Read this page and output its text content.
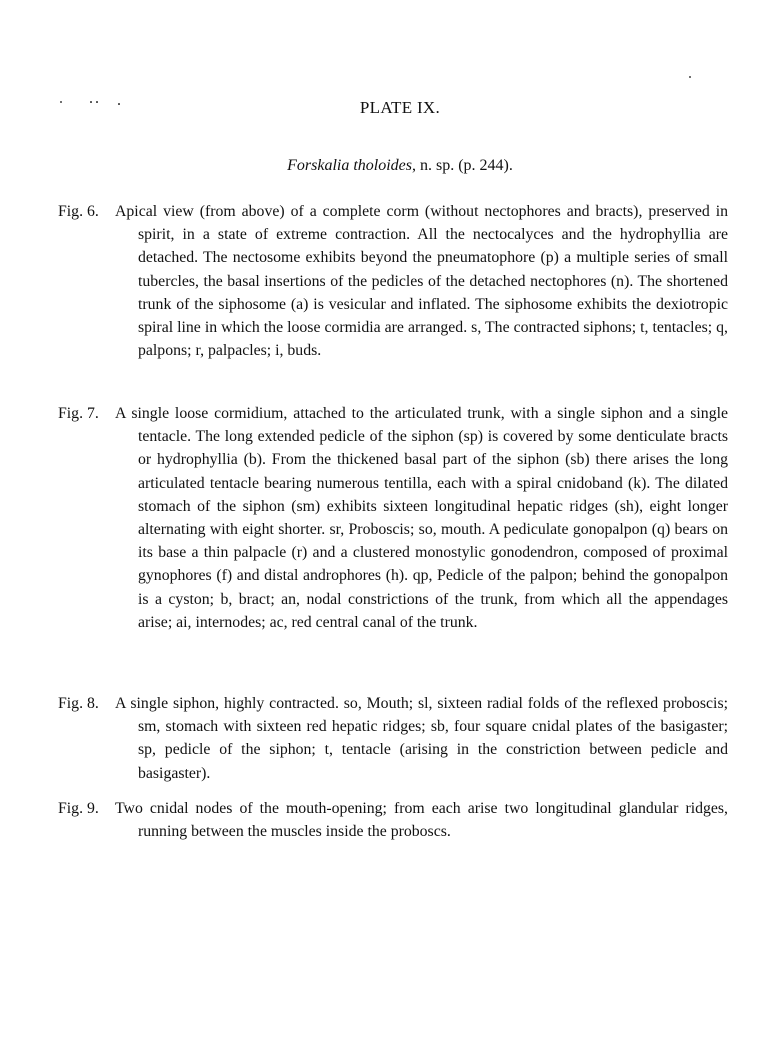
PLATE IX.
Forskalia tholoides, n. sp. (p. 244).
Fig. 6. Apical view (from above) of a complete corm (without nectophores and bracts), preserved in spirit, in a state of extreme contraction. All the nectocalyces and the hydrophyllia are detached. The nectosome exhibits beyond the pneumatophore (p) a multiple series of small tubercles, the basal insertions of the pedicles of the detached nectophores (n). The shortened trunk of the siphosome (a) is vesicular and inflated. The siphosome exhibits the dexiotropic spiral line in which the loose cormidia are arranged. s, The contracted siphons; t, tentacles; q, palpons; r, palpacles; i, buds.
Fig. 7. A single loose cormidium, attached to the articulated trunk, with a single siphon and a single tentacle. The long extended pedicle of the siphon (sp) is covered by some denticulate bracts or hydrophyllia (b). From the thickened basal part of the siphon (sb) there arises the long articulated tentacle bearing numerous tentilla, each with a spiral cnidoband (k). The dilated stomach of the siphon (sm) exhibits sixteen longitudinal hepatic ridges (sh), eight longer alternating with eight shorter. sr, Proboscis; so, mouth. A pediculate gonopalpon (q) bears on its base a thin palpacle (r) and a clustered monostylic gonodendron, composed of proximal gynophores (f) and distal androphores (h). qp, Pedicle of the palpon; behind the gonopalpon is a cyston; b, bract; an, nodal constrictions of the trunk, from which all the appendages arise; ai, internodes; ac, red central canal of the trunk.
Fig. 8. A single siphon, highly contracted. so, Mouth; sl, sixteen radial folds of the reflexed proboscis; sm, stomach with sixteen red hepatic ridges; sb, four square cnidal plates of the basigaster; sp, pedicle of the siphon; t, tentacle (arising in the constriction between pedicle and basigaster).
Fig. 9. Two cnidal nodes of the mouth-opening; from each arise two longitudinal glandular ridges, running between the muscles inside the proboscs.
